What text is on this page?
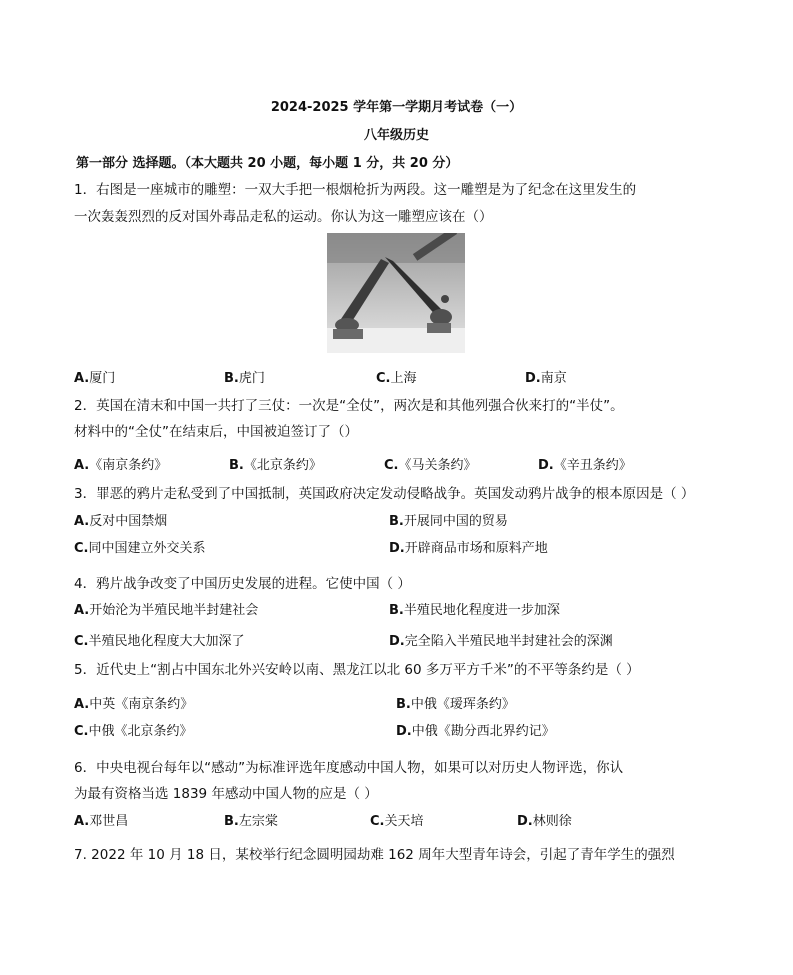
2024-2025 学年第一学期月考试卷（一）
八年级历史
第一部分 选择题。（本大题共 20 小题，每小题 1 分，共 20 分）
1．右图是一座城市的雕塑：一双大手把一根烟枪折为两段。这一雕塑是为了纪念在这里发生的
一次轰轰烈烈的反对国外毒品走私的运动。你认为这一雕塑应该在（）
A.厦门	B.虎门	C.上海	D.南京
2．英国在清末和中国一共打了三仗：一次是“全仗”，两次是和其他列强合伙来打的“半仗”。
材料中的“全仗”在结束后，中国被迫签订了（）
A.《南京条约》	B.《北京条约》	C.《马关条约》	D.《辛丑条约》
3．罪恶的鸦片走私受到了中国抵制，英国政府决定发动侵略战争。英国发动鸦片战争的根本原因是（ ）
A.反对中国禁烟	B.开展同中国的贸易
C.同中国建立外交关系	D.开辟商品市场和原料产地
4．鸦片战争改变了中国历史发展的进程。它使中国（ ）
A.开始沦为半殖民地半封建社会	B.半殖民地化程度进一步加深
C.半殖民地化程度大大加深了	D.完全陷入半殖民地半封建社会的深渊
5．近代史上“割占中国东北外兴安岭以南、黑龙江以北 60 多万平方千米”的不平等条约是（ ）
A.中英《南京条约》	B.中俄《瑷珲条约》
C.中俄《北京条约》	D.中俄《勘分西北界约记》
6．中央电视台每年以“感动”为标准评选年度感动中国人物，如果可以对历史人物评选，你认
为最有资格当选 1839 年感动中国人物的应是（ ）
A.邓世昌	B.左宗棠	C.关天培	D.林则徐
7. 2022 年 10 月 18 日，某校举行纪念圆明园劫难 162 周年大型青年诗会，引起了青年学生的强烈
